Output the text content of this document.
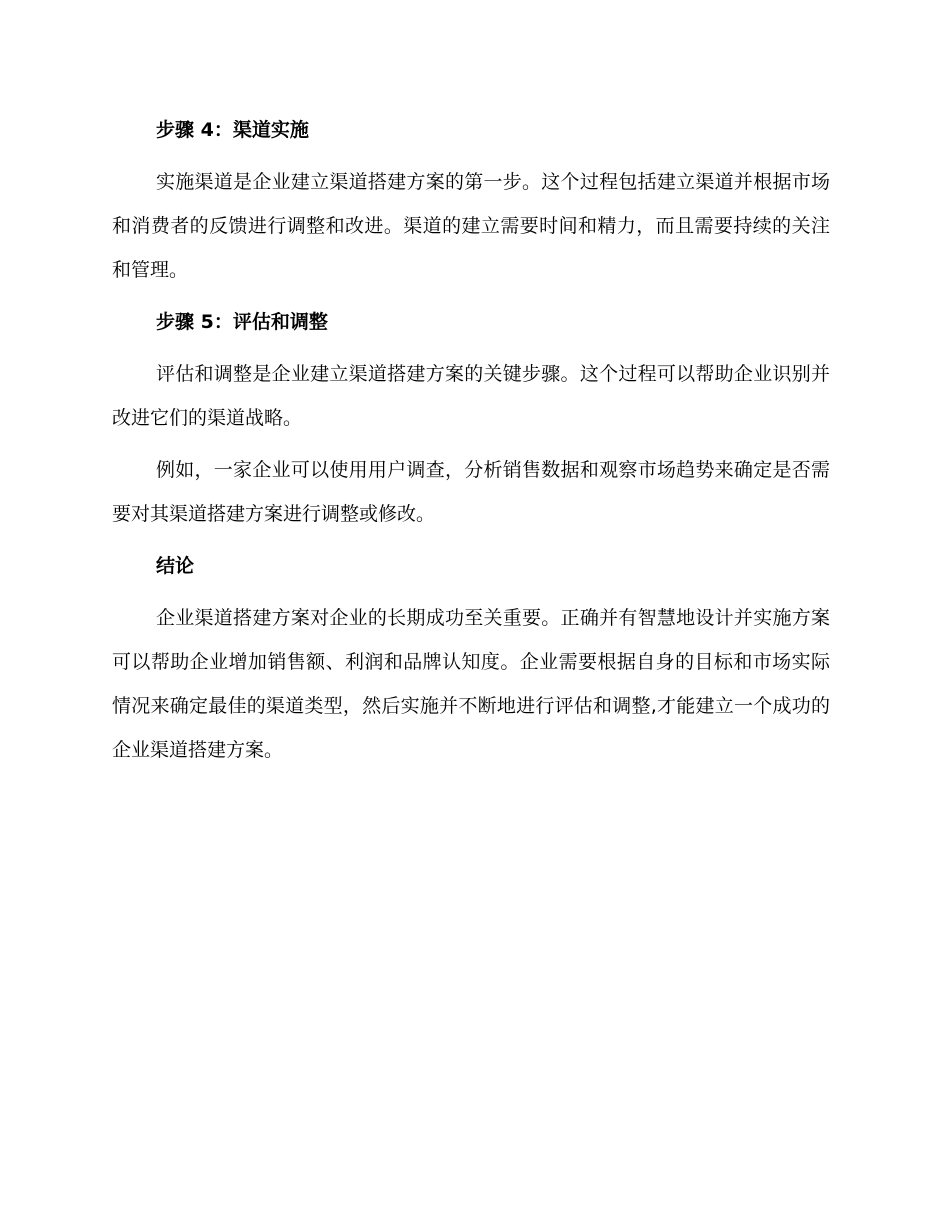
步骤 4：渠道实施

实施渠道是企业建立渠道搭建方案的第一步。这个过程包括建立渠道并根据市场和消费者的反馈进行调整和改进。渠道的建立需要时间和精力，而且需要持续的关注和管理。

步骤 5：评估和调整

评估和调整是企业建立渠道搭建方案的关键步骤。这个过程可以帮助企业识别并改进它们的渠道战略。

例如，一家企业可以使用用户调查，分析销售数据和观察市场趋势来确定是否需要对其渠道搭建方案进行调整或修改。

结论

企业渠道搭建方案对企业的长期成功至关重要。正确并有智慧地设计并实施方案可以帮助企业增加销售额、利润和品牌认知度。企业需要根据自身的目标和市场实际情况来确定最佳的渠道类型，然后实施并不断地进行评估和调整,才能建立一个成功的企业渠道搭建方案。
